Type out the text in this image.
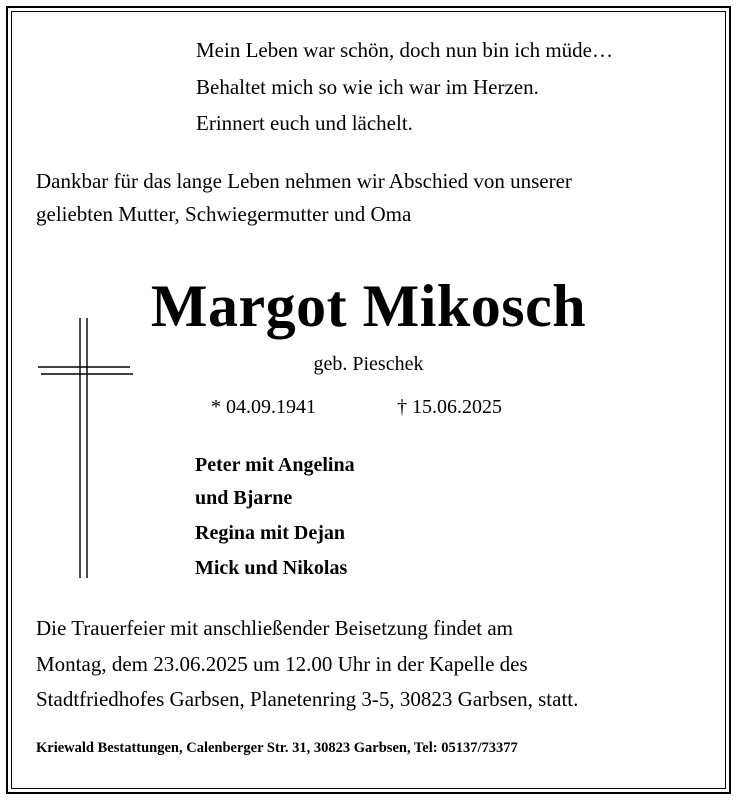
Mein Leben war schön, doch nun bin ich müde…
Behaltet mich so wie ich war im Herzen.
Erinnert euch und lächelt.
Dankbar für das lange Leben nehmen wir Abschied von unserer
geliebten Mutter, Schwiegermutter und Oma
Margot Mikosch
geb. Pieschek
* 04.09.1941	† 15.06.2025
Peter mit Angelina
und Bjarne
Regina mit Dejan
Mick und Nikolas
Die Trauerfeier mit anschließender Beisetzung findet am
Montag, dem 23.06.2025 um 12.00 Uhr in der Kapelle des
Stadtfriedhofes Garbsen, Planetenring 3-5, 30823 Garbsen, statt.
Kriewald Bestattungen, Calenberger Str. 31, 30823 Garbsen, Tel: 05137/73377
